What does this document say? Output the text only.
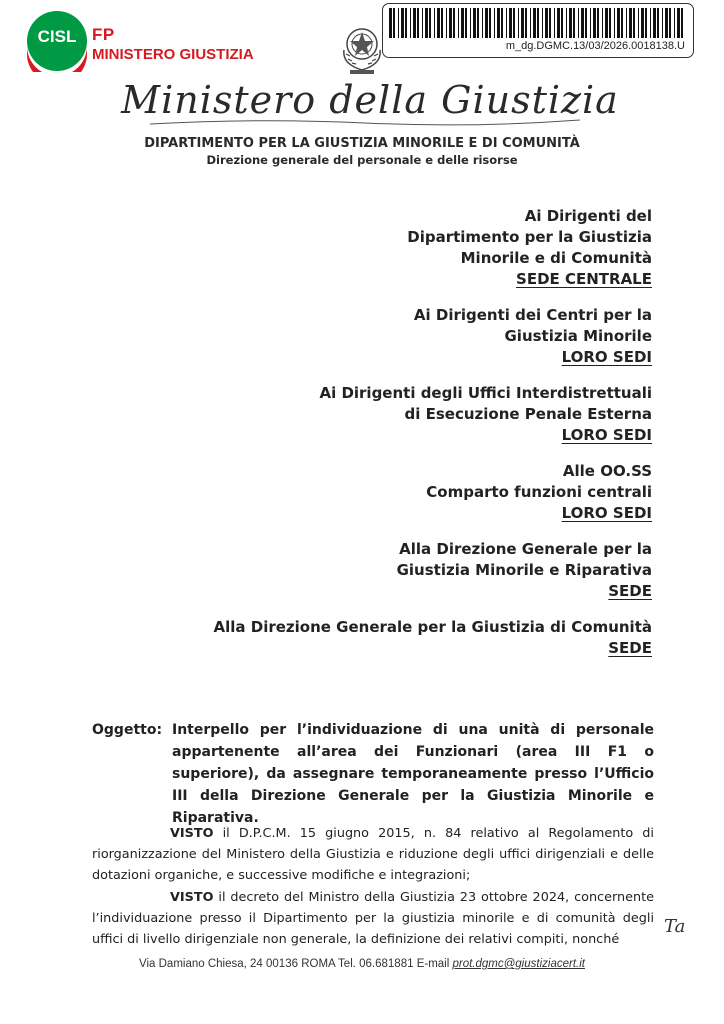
CISL FP
MINISTERO GIUSTIZIA	m_dg.DGMC.13/03/2026.0018138.U
Ministero della Giustizia
DIPARTIMENTO PER LA GIUSTIZIA MINORILE E DI COMUNITÀ
Direzione generale del personale e delle risorse
Ai Dirigenti del
Dipartimento per la Giustizia
Minorile e di Comunità
SEDE CENTRALE
Ai Dirigenti dei Centri per la
Giustizia Minorile
LORO SEDI
Ai Dirigenti degli Uffici Interdistrettuali
di Esecuzione Penale Esterna
LORO SEDI
Alle OO.SS
Comparto funzioni centrali
LORO SEDI
Alla Direzione Generale per la
Giustizia Minorile e Riparativa
SEDE
Alla Direzione Generale per la Giustizia di Comunità
SEDE
Oggetto: Interpello per l’individuazione di una unità di personale appartenente all’area dei Funzionari (area III F1 o superiore), da assegnare temporaneamente presso l’Ufficio III della Direzione Generale per la Giustizia Minorile e Riparativa.
VISTO il D.P.C.M. 15 giugno 2015, n. 84 relativo al Regolamento di riorganizzazione del Ministero della Giustizia e riduzione degli uffici dirigenziali e delle dotazioni organiche, e successive modifiche e integrazioni;
VISTO il decreto del Ministro della Giustizia 23 ottobre 2024, concernente l’individuazione presso il Dipartimento per la giustizia minorile e di comunità degli uffici di livello dirigenziale non generale, la definizione dei relativi compiti, nonché
Ta
Via Damiano Chiesa, 24 00136 ROMA Tel. 06.681881 E-mail prot.dgmc@giustiziacert.it
